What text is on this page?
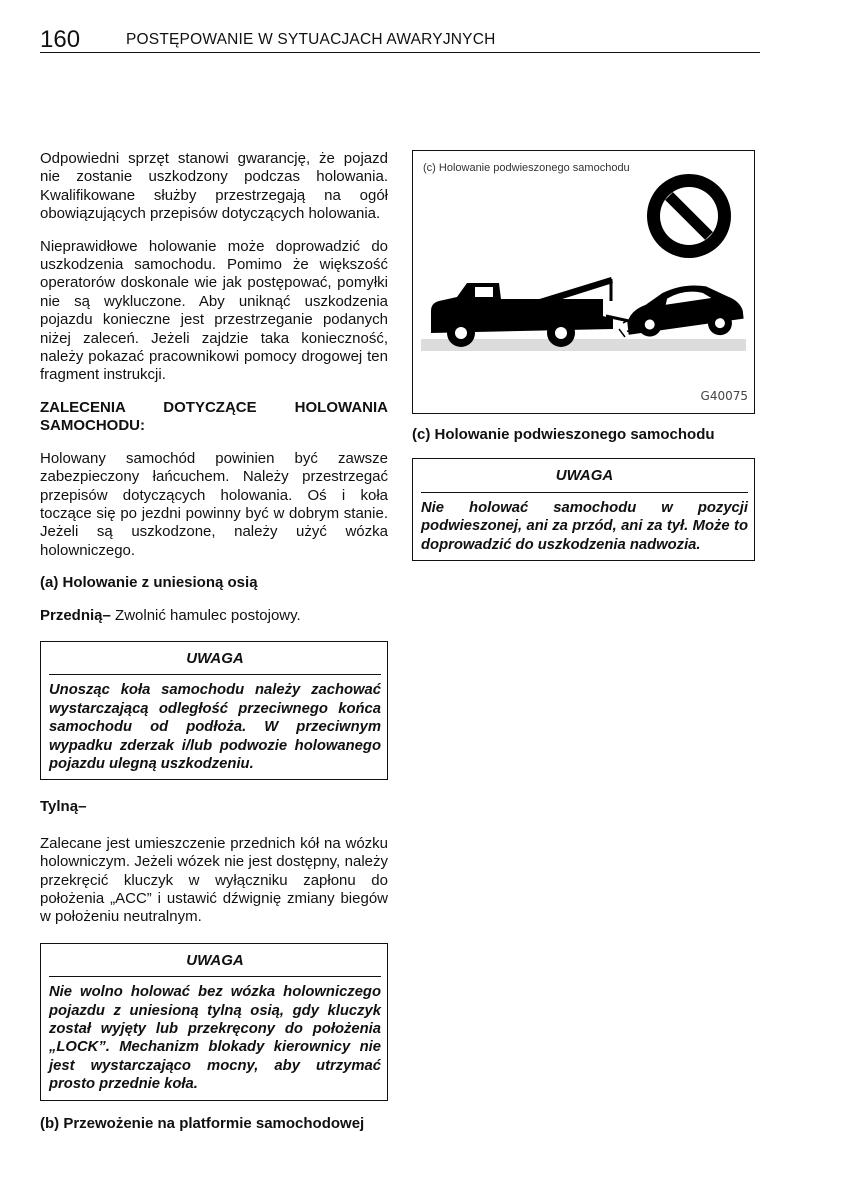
160	POSTĘPOWANIE W SYTUACJACH AWARYJNYCH

Odpowiedni sprzęt stanowi gwarancję, że pojazd nie zostanie uszkodzony podczas holowania. Kwalifikowane służby przestrzegają na ogół obowiązujących przepisów dotyczących holowania.

Nieprawidłowe holowanie może doprowadzić do uszkodzenia samochodu. Pomimo że większość operatorów doskonale wie jak postępować, pomyłki nie są wykluczone. Aby uniknąć uszkodzenia pojazdu konieczne jest przestrzeganie podanych niżej zaleceń. Jeżeli zajdzie taka konieczność, należy pokazać pracownikowi pomocy drogowej ten fragment instrukcji.

ZALECENIA DOTYCZĄCE HOLOWANIA SAMOCHODU:

Holowany samochód powinien być zawsze zabezpieczony łańcuchem. Należy przestrzegać przepisów dotyczących holowania. Oś i koła toczące się po jezdni powinny być w dobrym stanie. Jeżeli są uszkodzone, należy użyć wózka holowniczego.

(a) Holowanie z uniesioną osią

Przednią– Zwolnić hamulec postojowy.

UWAGA
Unosząc koła samochodu należy zachować wystarczającą odległość przeciwnego końca samochodu od podłoża. W przeciwnym wypadku zderzak i/lub podwozie holowanego pojazdu ulegną uszkodzeniu.

Tylną–

Zalecane jest umieszczenie przednich kół na wózku holowniczym. Jeżeli wózek nie jest dostępny, należy przekręcić kluczyk w wyłączniku zapłonu do położenia „ACC” i ustawić dźwignię zmiany biegów w położeniu neutralnym.

UWAGA
Nie wolno holować bez wózka holowniczego pojazdu z uniesioną tylną osią, gdy kluczyk został wyjęty lub przekręcony do położenia „LOCK”. Mechanizm blokady kierownicy nie jest wystarczająco mocny, aby utrzymać prosto przednie koła.

(b) Przewożenie na platformie samochodowej

(c) Holowanie podwieszonego samochodu
G40075

(c) Holowanie podwieszonego samochodu

UWAGA
Nie holować samochodu w pozycji podwieszonej, ani za przód, ani za tył. Może to doprowadzić do uszkodzenia nadwozia.
